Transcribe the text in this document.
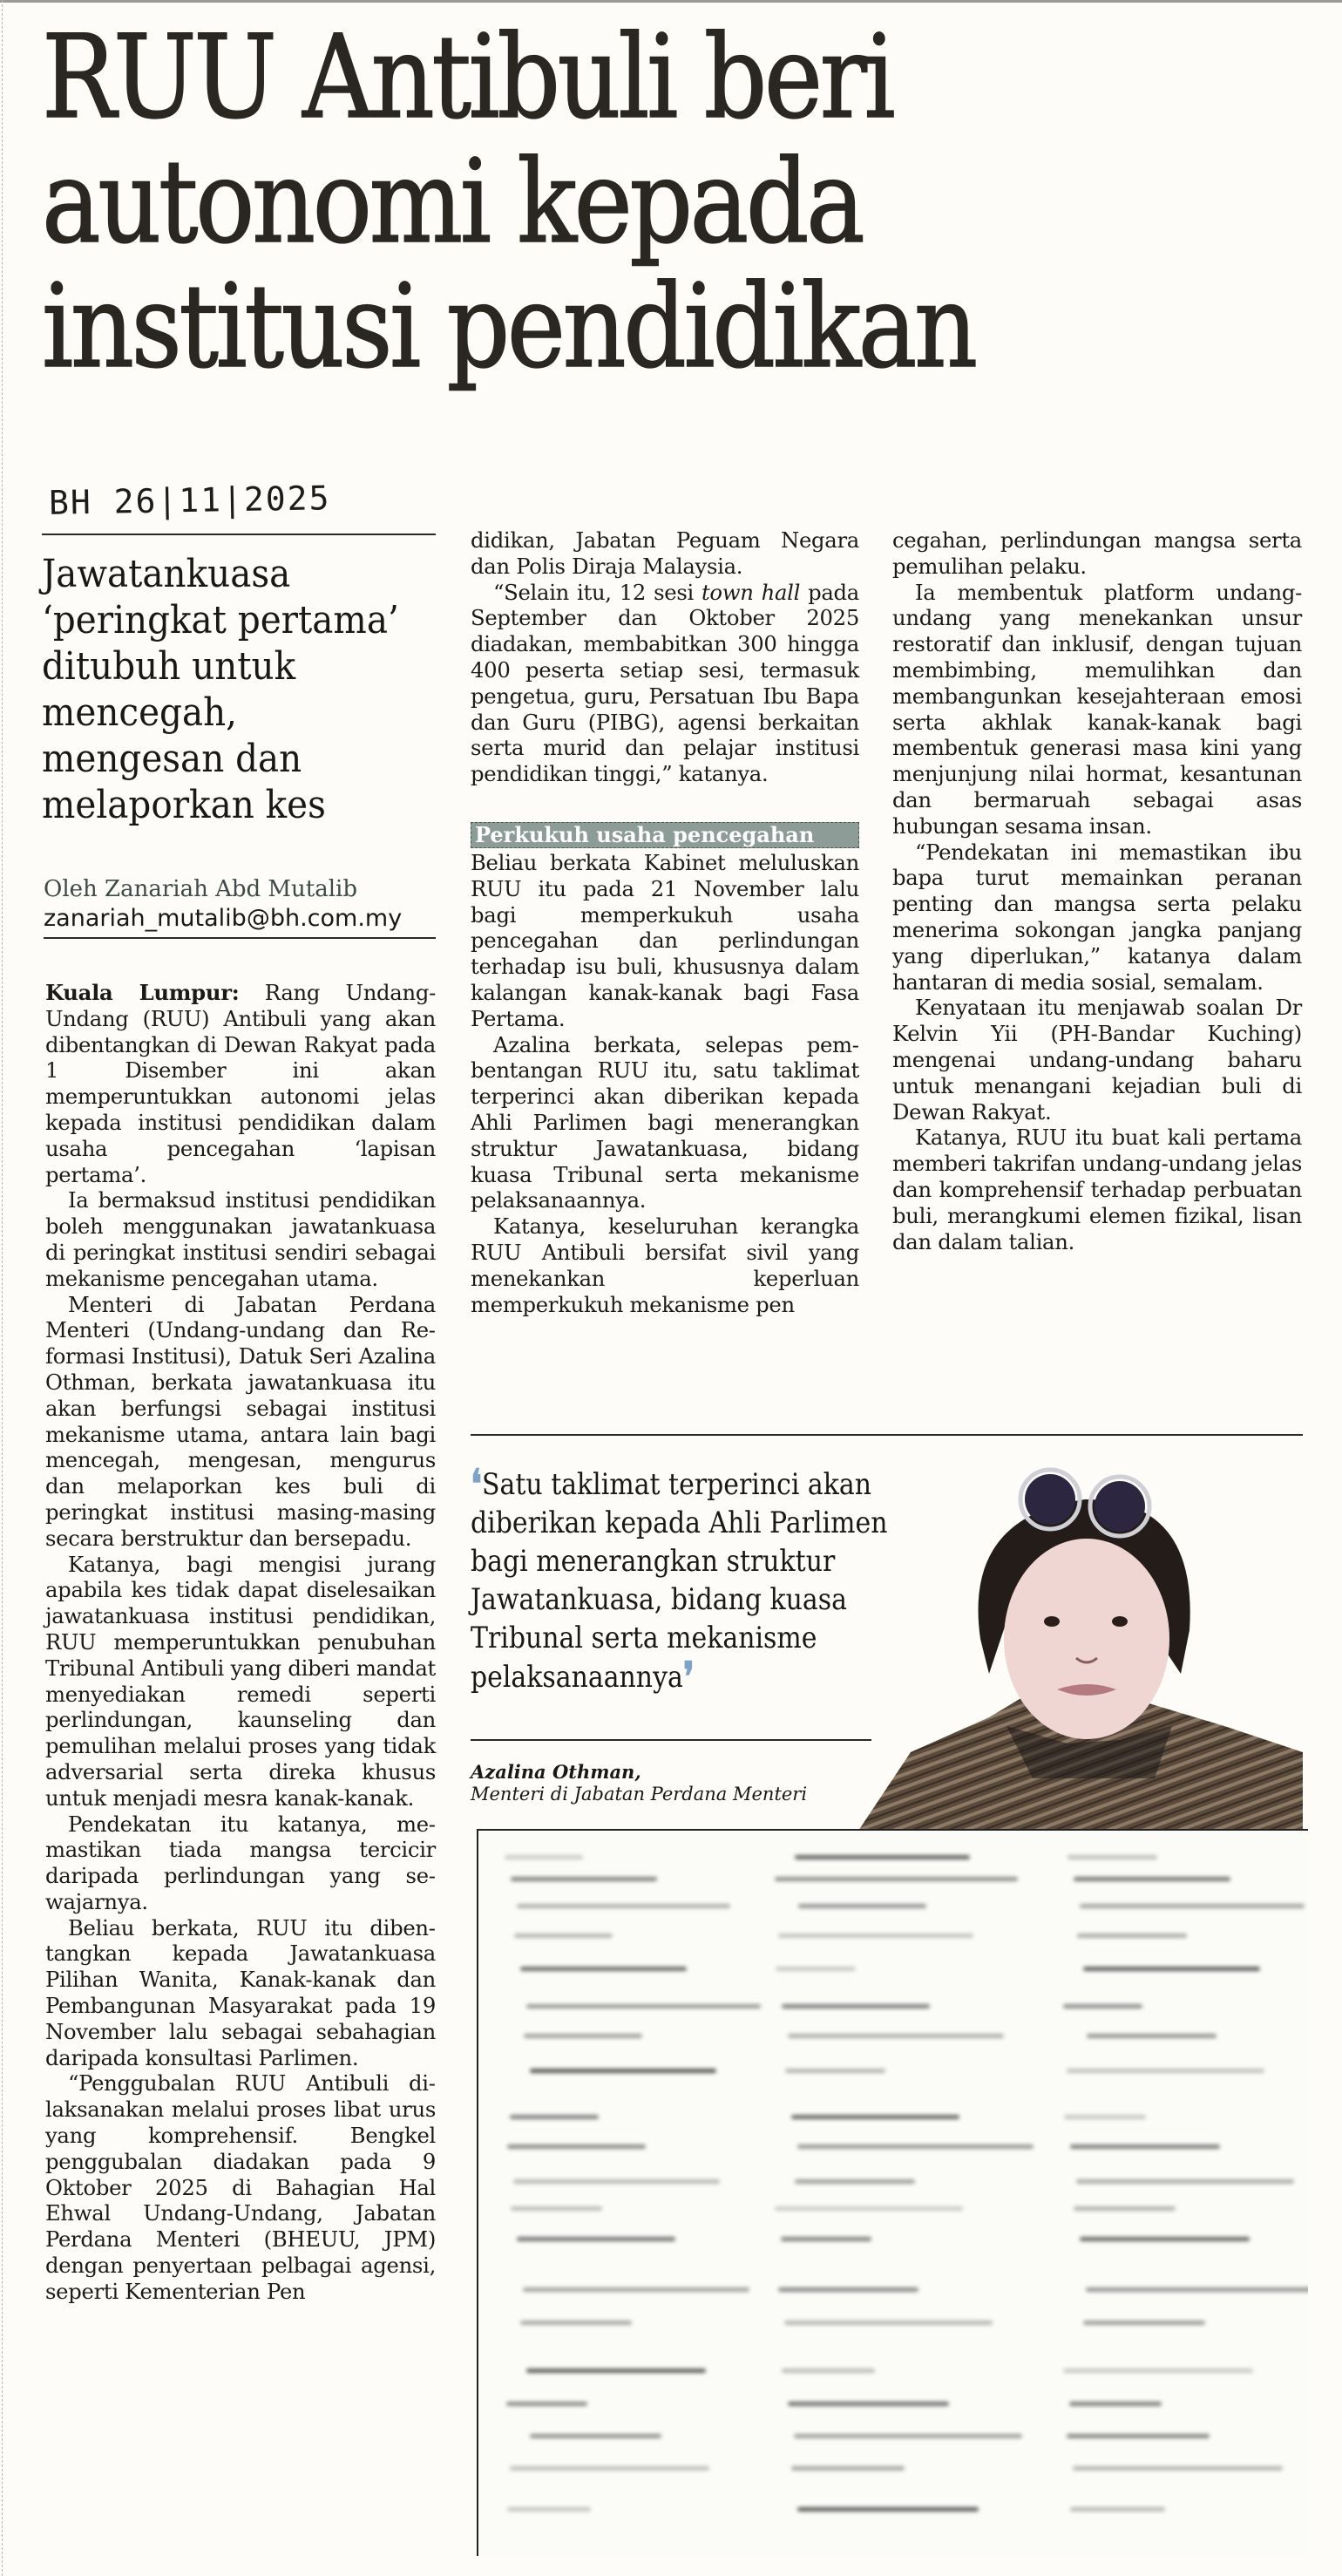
RUU Antibuli beri
autonomi kepada
institusi pendidikan
BH 26|11|2025
Jawatankuasa ‘peringkat pertama’ ditubuh untuk mencegah, mengesan dan melaporkan kes
Oleh Zanariah Abd Mutalib
zanariah_mutalib@bh.com.my

Kuala Lumpur: Rang Undang-Undang (RUU) Antibuli yang akan dibentangkan di Dewan Rakyat pada 1 Disember ini akan memperuntukkan autonomi jelas kepada institusi pendidikan dalam usaha pencegahan ‘lapisan pertama’.

Ia bermaksud institusi pendidikan boleh menggunakan jawatankuasa di peringkat institusi sendiri sebagai mekanisme pencegahan utama.

Menteri di Jabatan Perdana Menteri (Undang-undang dan Reformasi Institusi), Datuk Seri Azalina Othman, berkata jawatankuasa itu akan berfungsi sebagai institusi mekanisme utama, antara lain bagi mencegah, mengesan, mengurus dan melaporkan kes buli di peringkat institusi masing-masing secara berstruktur dan bersepadu.

Katanya, bagi mengisi jurang apabila kes tidak dapat diselesaikan jawatankuasa institusi pendidikan, RUU memperuntukkan penubuhan Tribunal Antibuli yang diberi mandat menyediakan remedi seperti perlindungan, kaunseling dan pemulihan melalui proses yang tidak adversarial serta direka khusus untuk menjadi mesra kanak-kanak.

Pendekatan itu katanya, memastikan tiada mangsa tercicir daripada perlindungan yang sewajarnya.

Beliau berkata, RUU itu dibentangkan kepada Jawatankuasa Pilihan Wanita, Kanak-kanak dan Pembangunan Masyarakat pada 19 November lalu sebagai sebahagian daripada konsultasi Parlimen.

“Penggubalan RUU Antibuli dilaksanakan melalui proses libat urus yang komprehensif. Bengkel penggubalan diadakan pada 9 Oktober 2025 di Bahagian Hal Ehwal Undang-Undang, Jabatan Perdana Menteri (BHEUU, JPM) dengan penyertaan pelbagai agensi, seperti Kementerian Pen

didikan, Jabatan Peguam Negara dan Polis Diraja Malaysia.

“Selain itu, 12 sesi town hall pada September dan Oktober 2025 diadakan, membabitkan 300 hingga 400 peserta setiap sesi, termasuk pengetua, guru, Persatuan Ibu Bapa dan Guru (PIBG), agensi berkaitan serta murid dan pelajar institusi pendidikan tinggi,” katanya.

Perkukuh usaha pencegahan

Beliau berkata Kabinet meluluskan RUU itu pada 21 November lalu bagi memperkukuh usaha pencegahan dan perlindungan terhadap isu buli, khususnya dalam kalangan kanak-kanak bagi Fasa Pertama.

Azalina berkata, selepas pembentangan RUU itu, satu taklimat terperinci akan diberikan kepada Ahli Parlimen bagi menerangkan struktur Jawatankuasa, bidang kuasa Tribunal serta mekanisme pelaksanaannya.

Katanya, keseluruhan kerangka RUU Antibuli bersifat sivil yang menekankan keperluan memperkukuh mekanisme pen

cegahan, perlindungan mangsa serta pemulihan pelaku.

Ia membentuk platform undang-undang yang menekankan unsur restoratif dan inklusif, dengan tujuan membimbing, memulihkan dan membangunkan kesejahteraan emosi serta akhlak kanak-kanak bagi membentuk generasi masa kini yang menjunjung nilai hormat, kesantunan dan bermaruah sebagai asas hubungan sesama insan.

“Pendekatan ini memastikan ibu bapa turut memainkan peranan penting dan mangsa serta pelaku menerima sokongan jangka panjang yang diperlukan,” katanya dalam hantaran di media sosial, semalam.

Kenyataan itu menjawab soalan Dr Kelvin Yii (PH-Bandar Kuching) mengenai undang-undang baharu untuk menangani kejadian buli di Dewan Rakyat.

Katanya, RUU itu buat kali pertama memberi takrifan undang-undang jelas dan komprehensif terhadap perbuatan buli, merangkumi elemen fizikal, lisan dan dalam talian.

❛Satu taklimat terperinci akan
diberikan kepada Ahli Parlimen
bagi menerangkan struktur
Jawatankuasa, bidang kuasa
Tribunal serta mekanisme
pelaksanaannya❜
Azalina Othman,
Menteri di Jabatan Perdana Menteri
